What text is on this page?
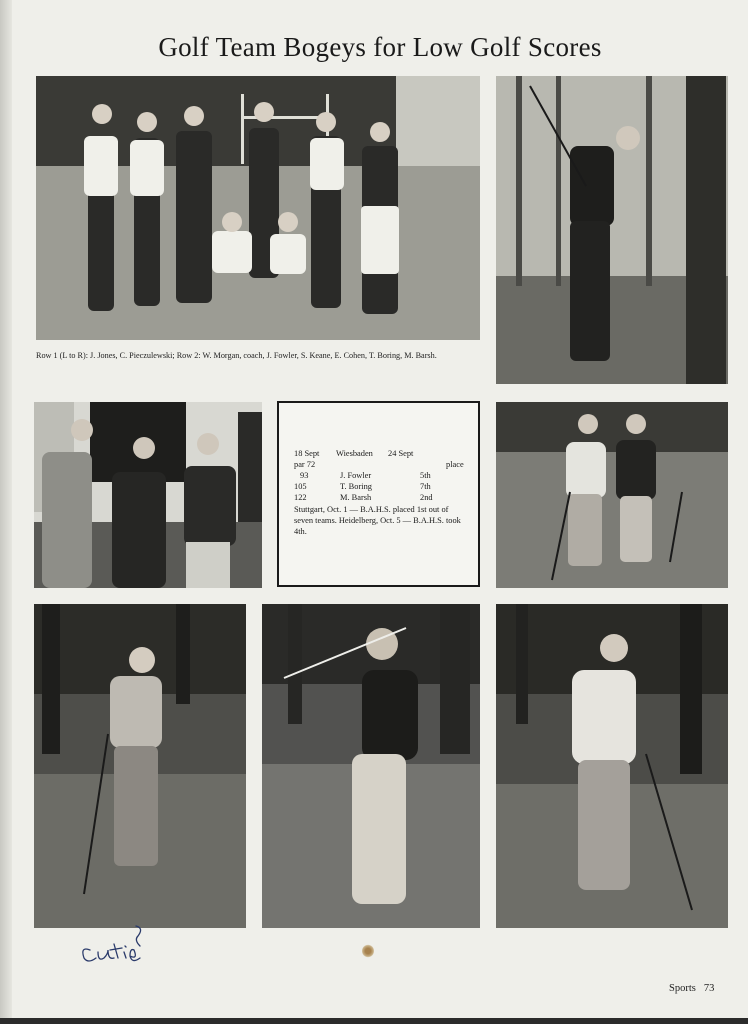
Golf Team Bogeys for Low Golf Scores
Row 1 (L to R): J. Jones, C. Pieczulewski; Row 2: W. Morgan, coach, J. Fowler, S. Keane, E. Cohen, T. Boring, M. Barsh.
18 Sept Wiesbaden 24 Sept
par 72	place
93	J. Fowler	5th
105	T. Boring	7th
122	M. Barsh	2nd
Stuttgart, Oct. 1 — B.A.H.S. placed 1st out of seven teams. Heidelberg, Oct. 5 — B.A.H.S. took 4th.
Sports 73
